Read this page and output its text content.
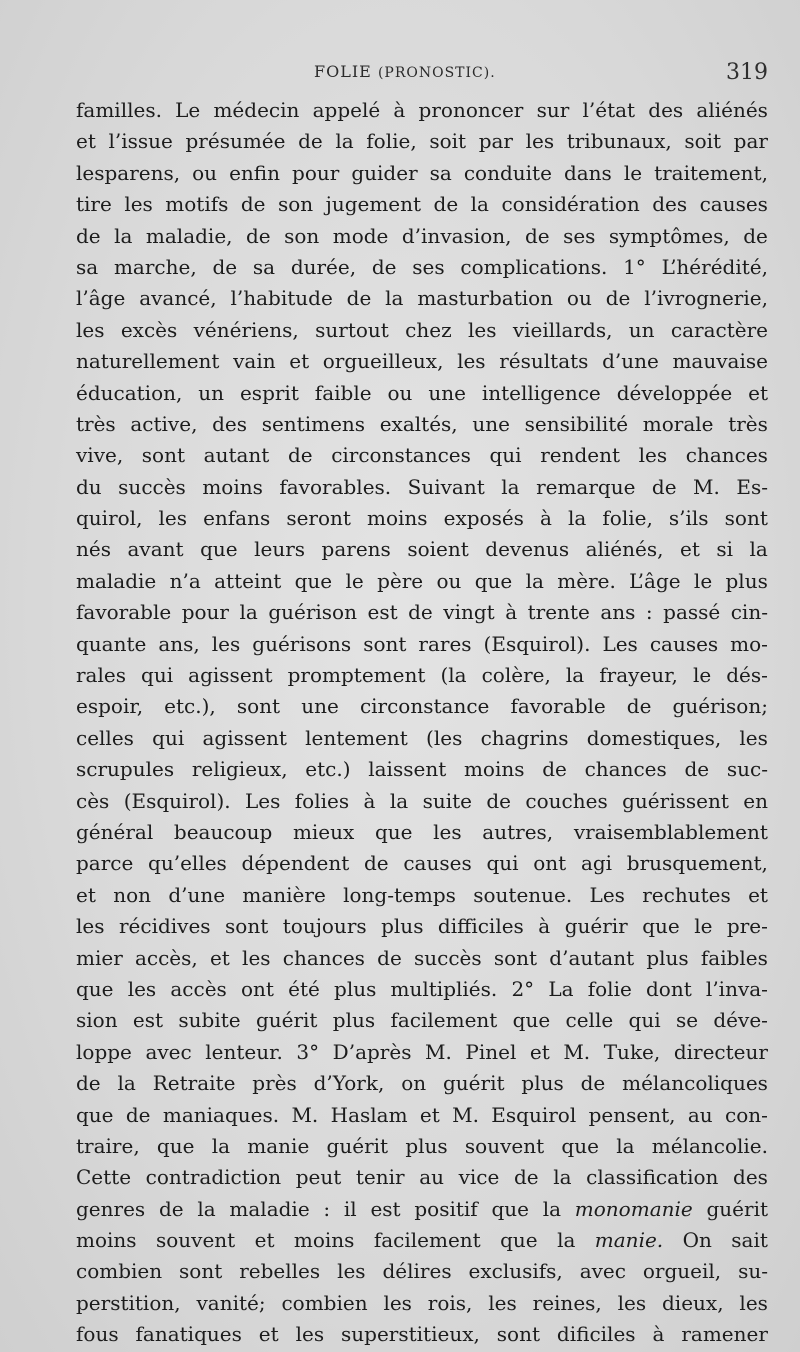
FOLIE (PRONOSTIC).	319
familles. Le médecin appelé à prononcer sur l’état des aliénés
et l’issue présumée de la folie, soit par les tribunaux, soit par
lesparens, ou enfin pour guider sa conduite dans le traitement,
tire les motifs de son jugement de la considération des causes
de la maladie, de son mode d’invasion, de ses symptômes, de
sa marche, de sa durée, de ses complications. 1° L’hérédité,
l’âge avancé, l’habitude de la masturbation ou de l’ivrognerie,
les excès vénériens, surtout chez les vieillards, un caractère
naturellement vain et orgueilleux, les résultats d’une mauvaise
éducation, un esprit faible ou une intelligence développée et
très active, des sentimens exaltés, une sensibilité morale très
vive, sont autant de circonstances qui rendent les chances
du succès moins favorables. Suivant la remarque de M. Es-
quirol, les enfans seront moins exposés à la folie, s’ils sont
nés avant que leurs parens soient devenus aliénés, et si la
maladie n’a atteint que le père ou que la mère. L’âge le plus
favorable pour la guérison est de vingt à trente ans : passé cin-
quante ans, les guérisons sont rares (Esquirol). Les causes mo-
rales qui agissent promptement (la colère, la frayeur, le dés-
espoir, etc.), sont une circonstance favorable de guérison;
celles qui agissent lentement (les chagrins domestiques, les
scrupules religieux, etc.) laissent moins de chances de suc-
cès (Esquirol). Les folies à la suite de couches guérissent en
général beaucoup mieux que les autres, vraisemblablement
parce qu’elles dépendent de causes qui ont agi brusquement,
et non d’une manière long-temps soutenue. Les rechutes et
les récidives sont toujours plus difficiles à guérir que le pre-
mier accès, et les chances de succès sont d’autant plus faibles
que les accès ont été plus multipliés. 2° La folie dont l’inva-
sion est subite guérit plus facilement que celle qui se déve-
loppe avec lenteur. 3° D’après M. Pinel et M. Tuke, directeur
de la Retraite près d’York, on guérit plus de mélancoliques
que de maniaques. M. Haslam et M. Esquirol pensent, au con-
traire, que la manie guérit plus souvent que la mélancolie.
Cette contradiction peut tenir au vice de la classification des
genres de la maladie : il est positif que la monomanie guérit
moins souvent et moins facilement que la manie. On sait
combien sont rebelles les délires exclusifs, avec orgueil, su-
perstition, vanité; combien les rois, les reines, les dieux, les
fous fanatiques et les superstitieux, sont dificiles à ramener
